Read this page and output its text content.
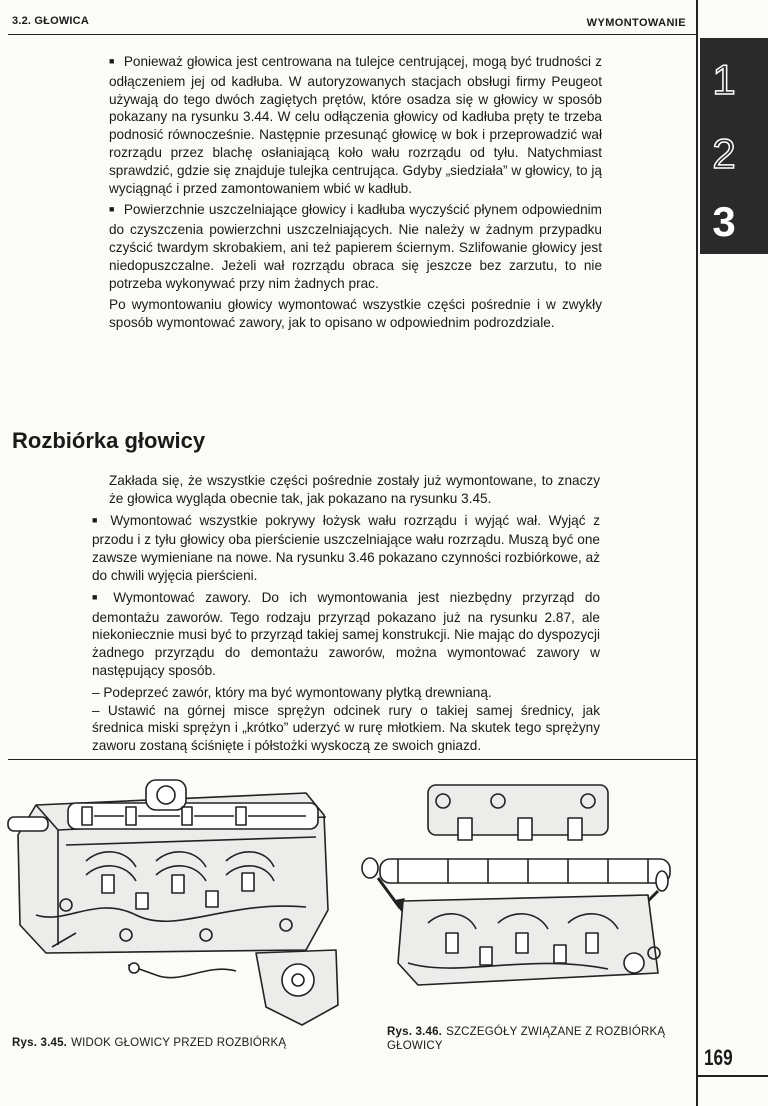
3.2. GŁOWICA	WYMONTOWANIE
1
2
3

■ Ponieważ głowica jest centrowana na tulejce centrującej, mogą być trudności z odłączeniem jej od kadłuba. W autoryzowanych stacjach obsługi firmy Peugeot używają do tego dwóch zagiętych prętów, które osadza się w głowicy w sposób pokazany na rysunku 3.44. W celu odłączenia głowicy od kadłuba pręty te trzeba podnosić równocześnie. Następnie przesunąć głowicę w bok i przeprowadzić wał rozrządu przez blachę osłaniającą koło wału rozrządu od tyłu. Natychmiast sprawdzić, gdzie się znajduje tulejka centrująca. Gdyby „siedziała” w głowicy, to ją wyciągnąć i przed zamontowaniem wbić w kadłub.

■ Powierzchnie uszczelniające głowicy i kadłuba wyczyścić płynem odpowiednim do czyszczenia powierzchni uszczelniających. Nie należy w żadnym przypadku czyścić twardym skrobakiem, ani też papierem ściernym. Szlifowanie głowicy jest niedopuszczalne. Jeżeli wał rozrządu obraca się jeszcze bez zarzutu, to nie potrzeba wykonywać przy nim żadnych prac.

Po wymontowaniu głowicy wymontować wszystkie części pośrednie i w zwykły sposób wymontować zawory, jak to opisano w odpowiednim podrozdziale.

Rozbiórka głowicy

Zakłada się, że wszystkie części pośrednie zostały już wymontowane, to znaczy że głowica wygląda obecnie tak, jak pokazano na rysunku 3.45.

■ Wymontować wszystkie pokrywy łożysk wału rozrządu i wyjąć wał. Wyjąć z przodu i z tyłu głowicy oba pierścienie uszczelniające wału rozrządu. Muszą być one zawsze wymieniane na nowe. Na rysunku 3.46 pokazano czynności rozbiórkowe, aż do chwili wyjęcia pierścieni.

■ Wymontować zawory. Do ich wymontowania jest niezbędny przyrząd do demontażu zaworów. Tego rodzaju przyrząd pokazano już na rysunku 2.87, ale niekoniecznie musi być to przyrząd takiej samej konstrukcji. Nie mając do dyspozycji żadnego przyrządu do demontażu zaworów, można wymontować zawory w następujący sposób.

– Podeprzeć zawór, który ma być wymontowany płytką drewnianą.

– Ustawić na górnej misce sprężyn odcinek rury o takiej samej średnicy, jak średnica miski sprężyn i „krótko” uderzyć w rurę młotkiem. Na skutek tego sprężyny zaworu zostaną ściśnięte i półstożki wyskoczą ze swoich gniazd.

Rys. 3.45. WIDOK GŁOWICY PRZED ROZBIÓRKĄ
Rys. 3.46. SZCZEGÓŁY ZWIĄZANE Z ROZBIÓRKĄ
GŁOWICY	169
